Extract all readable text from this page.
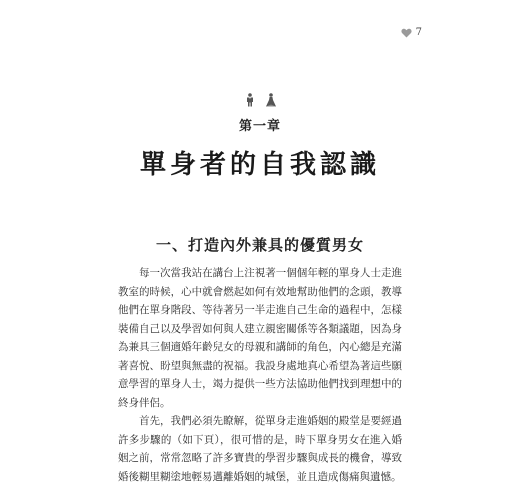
7
第一章
單身者的自我認識
一、打造內外兼具的優質男女

每一次當我站在講台上注視著一個個年輕的單身人士走進教室的時候，心中就會燃起如何有效地幫助他們的念頭，教導他們在單身階段、等待著另一半走進自己生命的過程中，怎樣裝備自己以及學習如何與人建立親密關係等各類議題，因為身為兼具三個適婚年齡兒女的母親和講師的角色，內心總是充滿著喜悅、盼望與無盡的祝福。我設身處地真心希望為著這些願意學習的單身人士，竭力提供一些方法協助他們找到理想中的終身伴侶。

首先，我們必須先瞭解，從單身走進婚姻的殿堂是要經過許多步驟的（如下頁），很可惜的是，時下單身男女在進入婚姻之前，常常忽略了許多寶貴的學習步驟與成長的機會，導致婚後糊里糊塗地輕易邁離婚姻的城堡，並且造成傷痛與遺憾。
